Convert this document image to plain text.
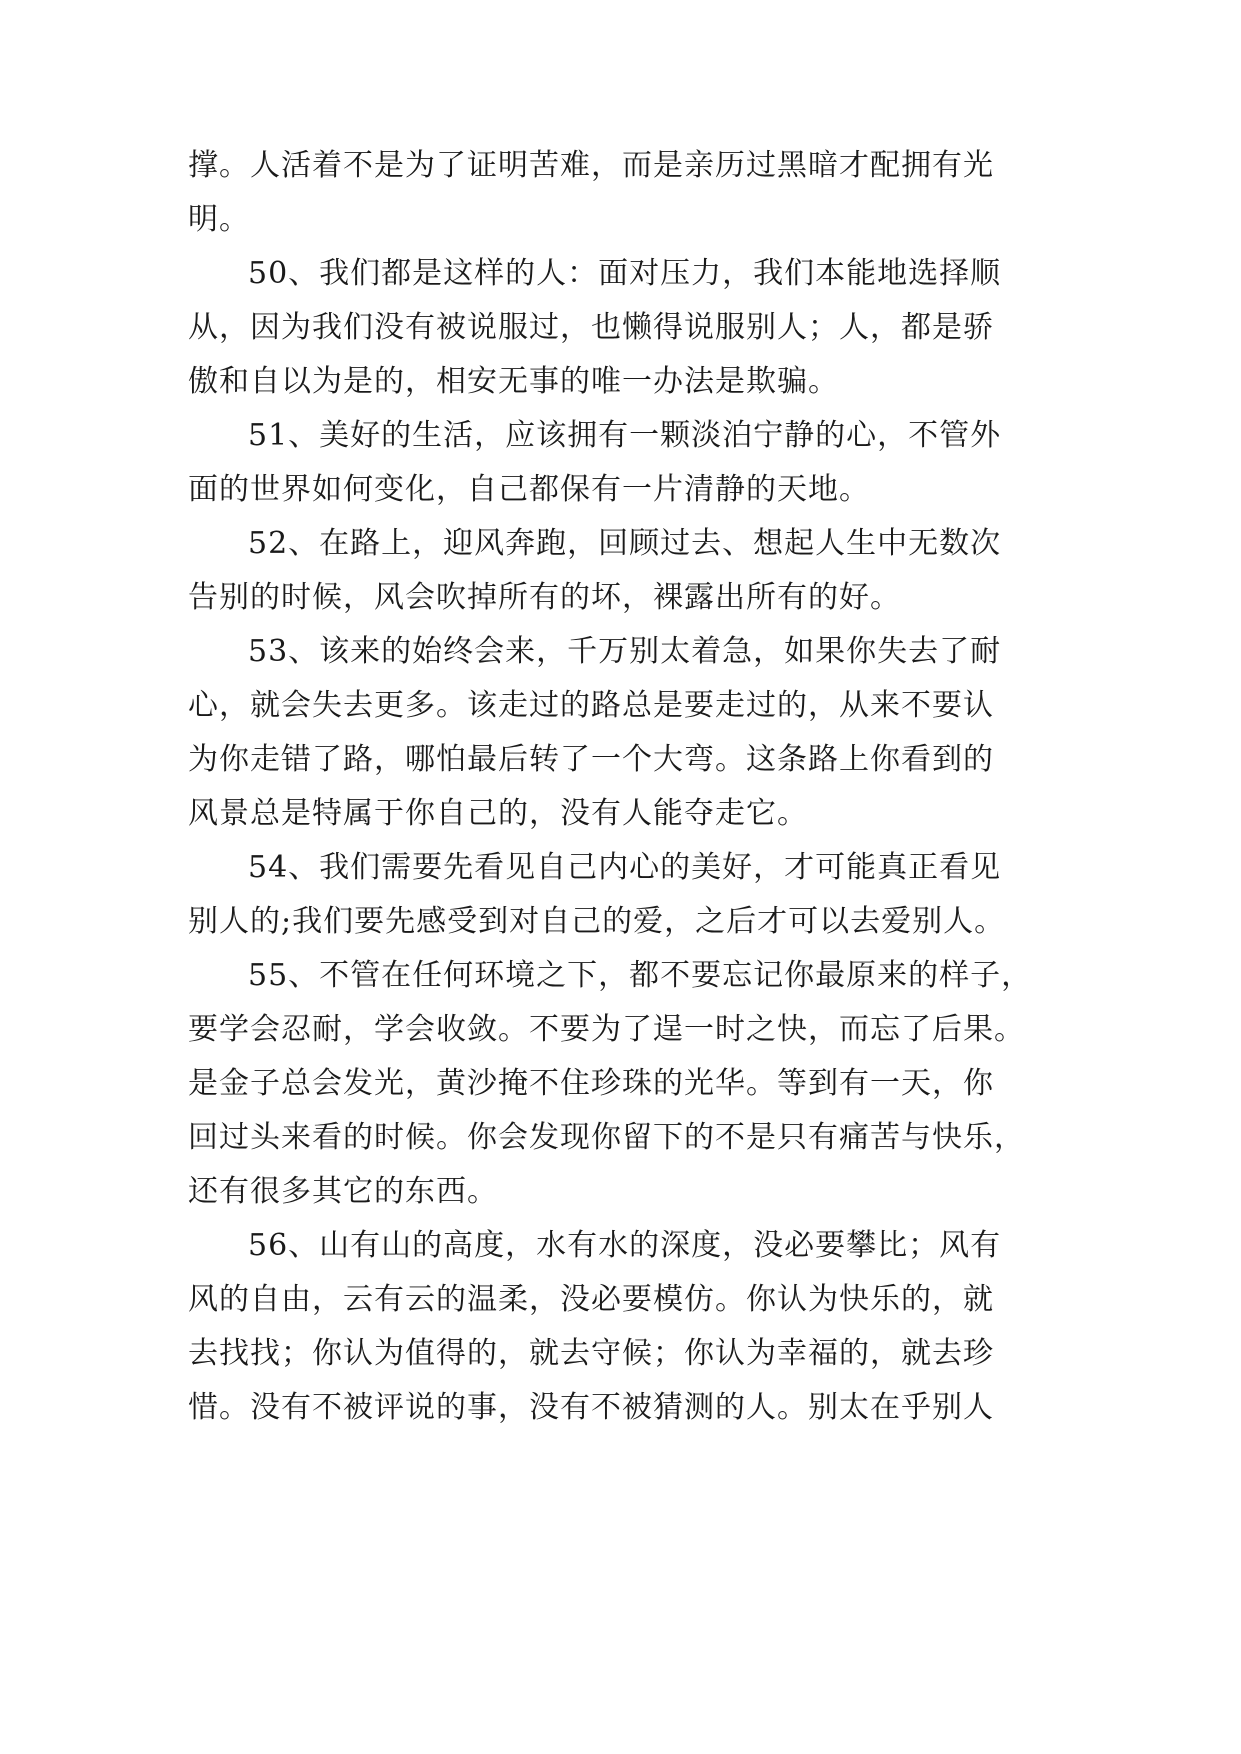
撑。人活着不是为了证明苦难，而是亲历过黑暗才配拥有光
明。
50、我们都是这样的人：面对压力，我们本能地选择顺
从，因为我们没有被说服过，也懒得说服别人；人，都是骄
傲和自以为是的，相安无事的唯一办法是欺骗。
51、美好的生活，应该拥有一颗淡泊宁静的心，不管外
面的世界如何变化，自己都保有一片清静的天地。
52、在路上，迎风奔跑，回顾过去、想起人生中无数次
告别的时候，风会吹掉所有的坏，裸露出所有的好。
53、该来的始终会来，千万别太着急，如果你失去了耐
心，就会失去更多。该走过的路总是要走过的，从来不要认
为你走错了路，哪怕最后转了一个大弯。这条路上你看到的
风景总是特属于你自己的，没有人能夺走它。
54、我们需要先看见自己内心的美好，才可能真正看见
别人的;我们要先感受到对自己的爱，之后才可以去爱别人。
55、不管在任何环境之下，都不要忘记你最原来的样子，
要学会忍耐，学会收敛。不要为了逞一时之快，而忘了后果。
是金子总会发光，黄沙掩不住珍珠的光华。等到有一天，你
回过头来看的时候。你会发现你留下的不是只有痛苦与快乐，
还有很多其它的东西。
56、山有山的高度，水有水的深度，没必要攀比；风有
风的自由，云有云的温柔，没必要模仿。你认为快乐的，就
去找找；你认为值得的，就去守候；你认为幸福的，就去珍
惜。没有不被评说的事，没有不被猜测的人。别太在乎别人
